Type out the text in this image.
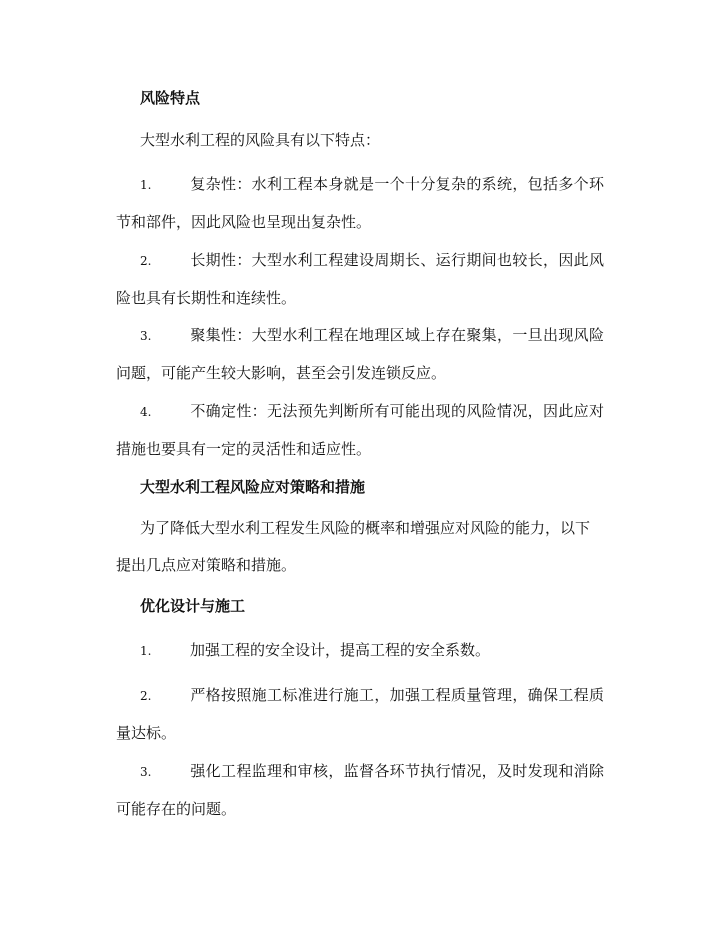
风险特点

大型水利工程的风险具有以下特点：

1.	复杂性：水利工程本身就是一个十分复杂的系统，包括多个环节和部件，因此风险也呈现出复杂性。

2.	长期性：大型水利工程建设周期长、运行期间也较长，因此风险也具有长期性和连续性。

3.	聚集性：大型水利工程在地理区域上存在聚集，一旦出现风险问题，可能产生较大影响，甚至会引发连锁反应。

4.	不确定性：无法预先判断所有可能出现的风险情况，因此应对措施也要具有一定的灵活性和适应性。

大型水利工程风险应对策略和措施

为了降低大型水利工程发生风险的概率和增强应对风险的能力，以下提出几点应对策略和措施。

优化设计与施工

1.	加强工程的安全设计，提高工程的安全系数。

2.	严格按照施工标准进行施工，加强工程质量管理，确保工程质量达标。

3.	强化工程监理和审核，监督各环节执行情况，及时发现和消除可能存在的问题。
